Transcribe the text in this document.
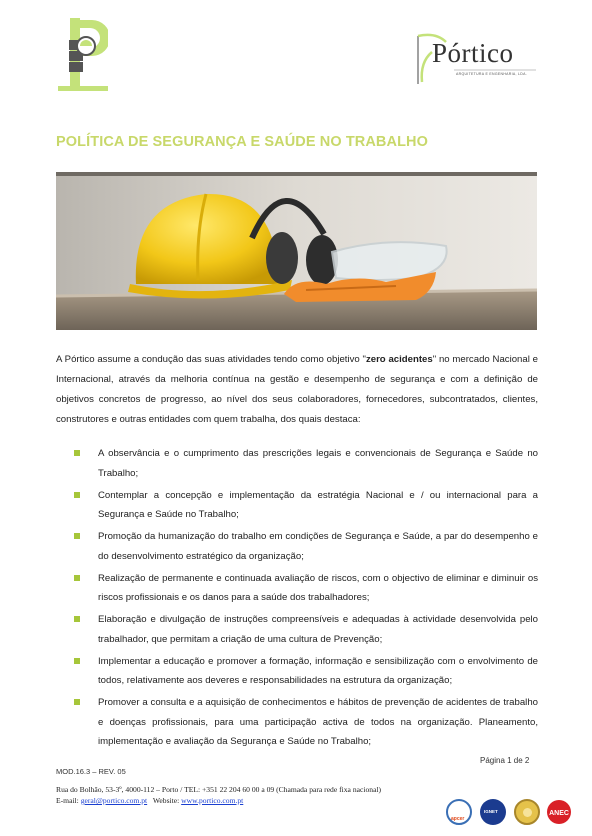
Pórtico
ARQUITETURA E ENGENHARIA, LDA.
POLÍTICA DE SEGURANÇA E SAÚDE NO TRABALHO

A Pórtico assume a condução das suas atividades tendo como objetivo "zero acidentes" no mercado Nacional e Internacional, através da melhoria contínua na gestão e desempenho de segurança e com a definição de objetivos concretos de progresso, ao nível dos seus colaboradores, fornecedores, subcontratados, clientes, construtores e outras entidades com quem trabalha, dos quais destaca:

A observância e o cumprimento das prescrições legais e convencionais de Segurança e Saúde no Trabalho;
Contemplar a concepção e implementação da estratégia Nacional e / ou internacional para a Segurança e Saúde no Trabalho;
Promoção da humanização do trabalho em condições de Segurança e Saúde, a par do desempenho e do desenvolvimento estratégico da organização;
Realização de permanente e continuada avaliação de riscos, com o objectivo de eliminar e diminuir os riscos profissionais e os danos para a saúde dos trabalhadores;
Elaboração e divulgação de instruções compreensíveis e adequadas à actividade desenvolvida pelo trabalhador, que permitam a criação de uma cultura de Prevenção;
Implementar a educação e promover a formação, informação e sensibilização com o envolvimento de todos, relativamente aos deveres e responsabilidades na estrutura da organização;
Promover a consulta e a aquisição de conhecimentos e hábitos de prevenção de acidentes de trabalho e doenças profissionais, para uma participação activa de todos na organização. Planeamento, implementação e avaliação da Segurança e Saúde no Trabalho;
Página 1 de 2
MOD.16.3 – REV. 05
Rua do Bolhão, 53-3º, 4000-112 – Porto / TEL: +351 22 204 60 00 a 09 (Chamada para rede fixa nacional)
E-mail: geral@portico.com.pt Website: www.portico.com.pt
apcer
IGNET	ANEC
